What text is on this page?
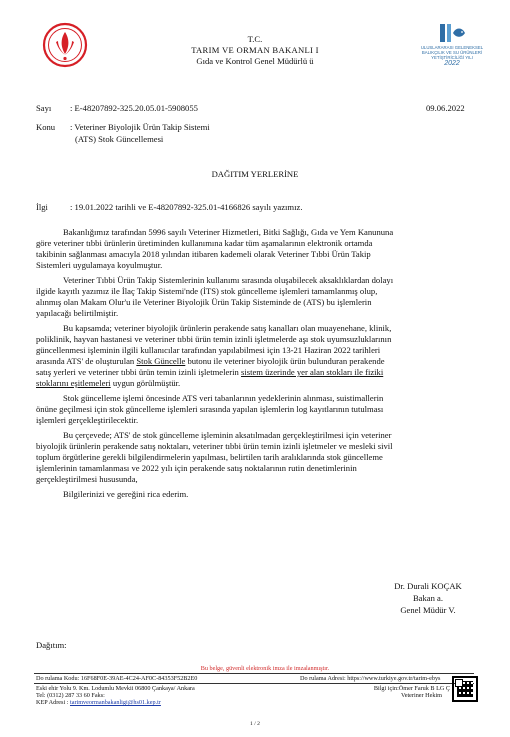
T.C.
TARIM VE ORMAN BAKANLI I
Gıda ve Kontrol Genel Müdürlü ü
ULUSLARARASI GELENEKSEL
BALIKÇILIK VE SU ÜRÜNLERİ
YETİŞTİRİCİLİĞİ YILI
2022
Sayı : E-48207892-325.20.05.01-5908055	09.06.2022
Konu : Veteriner Biyolojik Ürün Takip Sistemi
(ATS) Stok Güncellemesi
DAĞITIM YERLERİNE
İlgi	: 19.01.2022 tarihli ve E-48207892-325.01-4166826 sayılı yazımız.
Bakanlığımız tarafından 5996 sayılı Veteriner Hizmetleri, Bitki Sağlığı, Gıda ve Yem Kanununa
göre veteriner tıbbi ürünlerin üretiminden kullanımına kadar tüm aşamalarının elektronik ortamda
takibinin sağlanması amacıyla 2018 yılından itibaren kademeli olarak Veteriner Tıbbi Ürün Takip
Sistemleri uygulamaya koyulmuştur.
Veteriner Tıbbi Ürün Takip Sistemlerinin kullanımı sırasında oluşabilecek aksaklıklardan dolayı
ilgide kayıtlı yazımız ile İlaç Takip Sistemi'nde (İTS) stok güncelleme işlemleri tamamlanmış olup,
alınmış olan Makam Olur'u ile Veteriner Biyolojik Ürün Takip Sisteminde de (ATS) bu işlemlerin
yapılacağı belirtilmiştir.
Bu kapsamda; veteriner biyolojik ürünlerin perakende satış kanalları olan muayenehane, klinik,
poliklinik, hayvan hastanesi ve veteriner tıbbi ürün temin izinli işletmelerde aşı stok uyumsuzluklarının
güncellenmesi işleminin ilgili kullanıcılar tarafından yapılabilmesi için 13-21 Haziran 2022 tarihleri
arasında ATS' de oluşturulan Stok Güncelle butonu ile veteriner biyolojik ürün bulunduran perakende
satış yerleri ve veteriner tıbbi ürün temin izinli işletmelerin sistem üzerinde yer alan stokları ile fiziki
stoklarını eşitlemeleri uygun görülmüştür.
Stok güncelleme işlemi öncesinde ATS veri tabanlarının yedeklerinin alınması, suistimallerin
önüne geçilmesi için stok güncelleme işlemleri sırasında yapılan işlemlerin log kayıtlarının tutulması
işlemleri gerçekleştirilecektir.
Bu çerçevede; ATS' de stok güncelleme işleminin aksatılmadan gerçekleştirilmesi için veteriner
biyolojik ürünlerin perakende satış noktaları, veteriner tıbbi ürün temin izinli işletmeler ve mesleki sivil
toplum örgütlerine gerekli bilgilendirmelerin yapılması, belirtilen tarih aralıklarında stok güncelleme
işlemlerinin tamamlanması ve 2022 yılı için perakende satış noktalarının rutin denetimlerinin
gerçekleştirilmesi hususunda,
Bilgilerinizi ve gereğini rica ederim.
Dr. Durali KOÇAK
Bakan a.
Genel Müdür V.
Dağıtım:
Bu belge, güvenli elektronik imza ile imzalanmıştır.
Do rulama Kodu: 16F68F0E-39AE-4C24-AF0C-84353F52B2E0	Do rulama Adresi: https://www.turkiye.gov.tr/tarim-ebys
Eski ehir Yolu 9. Km. Lodumlu Mevkii 06800 Çankaya/ Ankara
Tel: (0312) 287 33 60 Faks:
KEP Adresi : tarimveormanbakanligi@hs01.kep.tr
Bilgi için:Ömer Faruk B LG Ç
Veteriner Hekim
1 / 2
